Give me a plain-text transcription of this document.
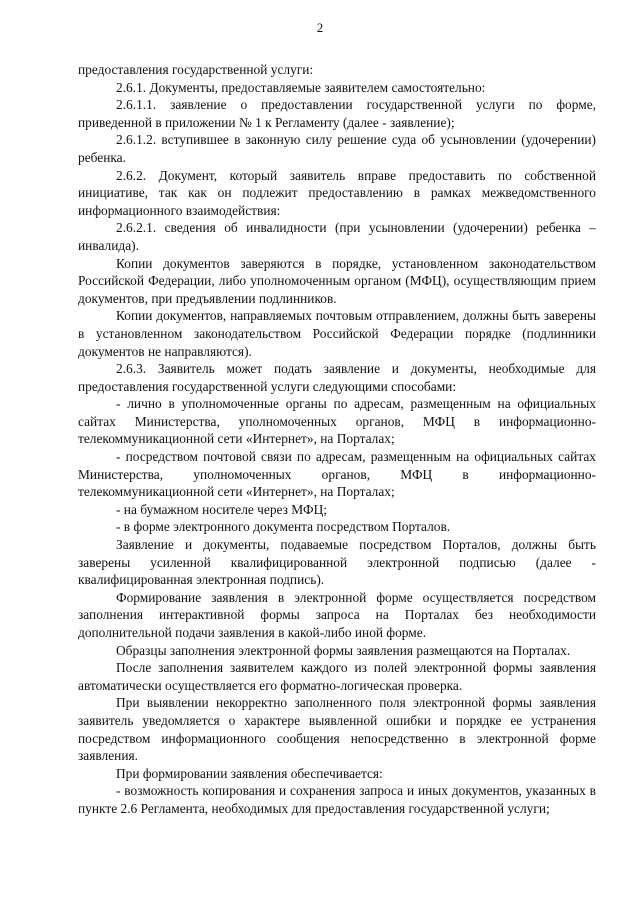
2

предоставления государственной услуги:

2.6.1. Документы, предоставляемые заявителем самостоятельно:

2.6.1.1. заявление о предоставлении государственной услуги по форме, приведенной в приложении № 1 к Регламенту (далее - заявление);

2.6.1.2. вступившее в законную силу решение суда об усыновлении (удочерении) ребенка.

2.6.2. Документ, который заявитель вправе предоставить по собственной инициативе, так как он подлежит предоставлению в рамках межведомственного информационного взаимодействия:

2.6.2.1. сведения об инвалидности (при усыновлении (удочерении) ребенка – инвалида).

Копии документов заверяются в порядке, установленном законодательством Российской Федерации, либо уполномоченным органом (МФЦ), осуществляющим прием документов, при предъявлении подлинников.

Копии документов, направляемых почтовым отправлением, должны быть заверены в установленном законодательством Российской Федерации порядке (подлинники документов не направляются).

2.6.3. Заявитель может подать заявление и документы, необходимые для предоставления государственной услуги следующими способами:

- лично в уполномоченные органы по адресам, размещенным на официальных сайтах Министерства, уполномоченных органов, МФЦ в информационно-телекоммуникационной сети «Интернет», на Порталах;

- посредством почтовой связи по адресам, размещенным на официальных сайтах Министерства, уполномоченных органов, МФЦ в информационно-телекоммуникационной сети «Интернет», на Порталах;

- на бумажном носителе через МФЦ;

- в форме электронного документа посредством Порталов.

Заявление и документы, подаваемые посредством Порталов, должны быть заверены усиленной квалифицированной электронной подписью (далее - квалифицированная электронная подпись).

Формирование заявления в электронной форме осуществляется посредством заполнения интерактивной формы запроса на Порталах без необходимости дополнительной подачи заявления в какой-либо иной форме.

Образцы заполнения электронной формы заявления размещаются на Порталах.

После заполнения заявителем каждого из полей электронной формы заявления автоматически осуществляется его форматно-логическая проверка.

При выявлении некорректно заполненного поля электронной формы заявления заявитель уведомляется о характере выявленной ошибки и порядке ее устранения посредством информационного сообщения непосредственно в электронной форме заявления.

При формировании заявления обеспечивается:

- возможность копирования и сохранения запроса и иных документов, указанных в пункте 2.6 Регламента, необходимых для предоставления государственной услуги;
